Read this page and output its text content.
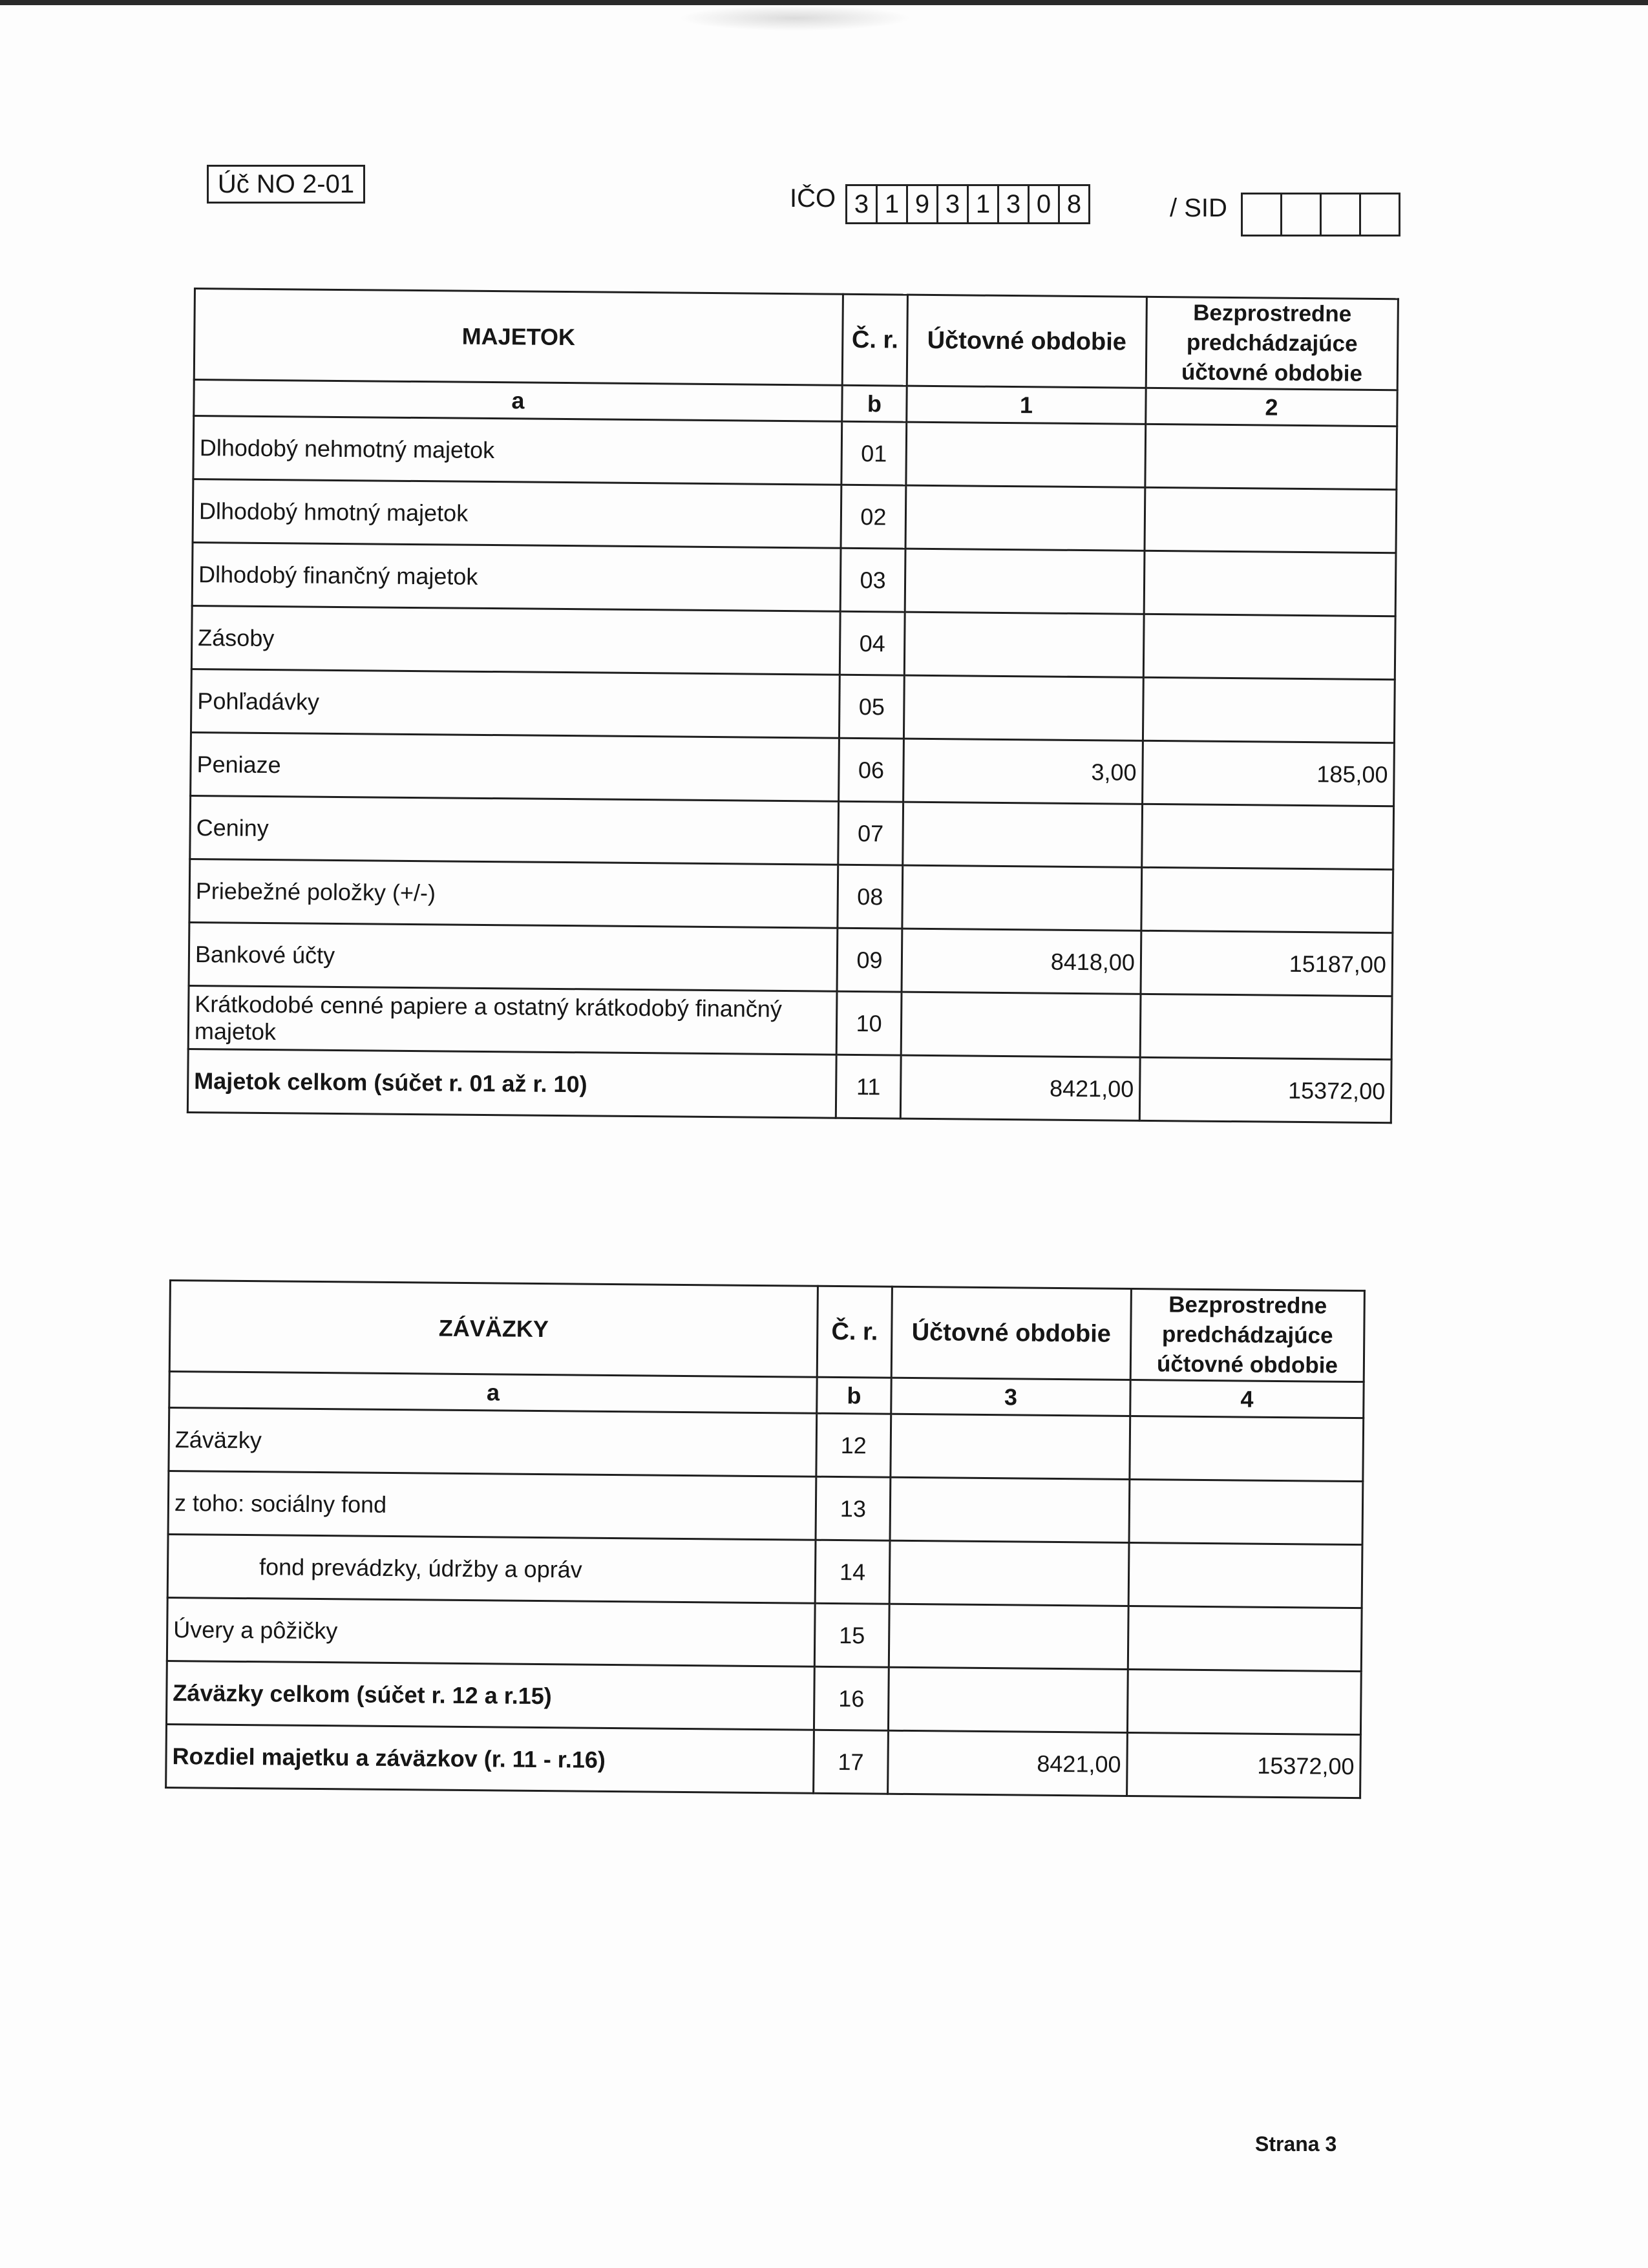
Úč NO 2-01	IČO 3 1 9 3 1 3 0 8	/ SID
MAJETOK	Č. r.	Účtovné obdobie	Bezprostredne predchádzajúce účtovné obdobie
a	b	1	2
Dlhodobý nehmotný majetok	01		
Dlhodobý hmotný majetok	02		
Dlhodobý finančný majetok	03		
Zásoby	04		
Pohľadávky	05		
Peniaze	06	3,00	185,00
Ceniny	07		
Priebežné položky (+/-)	08		
Bankové účty	09	8418,00	15187,00
Krátkodobé cenné papiere a ostatný krátkodobý finančný majetok	10		
Majetok celkom (súčet r. 01 až r. 10)	11	8421,00	15372,00
ZÁVÄZKY	Č. r.	Účtovné obdobie	Bezprostredne predchádzajúce účtovné obdobie
a	b	3	4
Záväzky	12		
z toho: sociálny fond	13		
fond prevádzky, údržby a opráv	14		
Úvery a pôžičky	15		
Záväzky celkom (súčet r. 12 a r.15)	16		
Rozdiel majetku a záväzkov (r. 11 - r.16)	17	8421,00	15372,00
Strana 3
